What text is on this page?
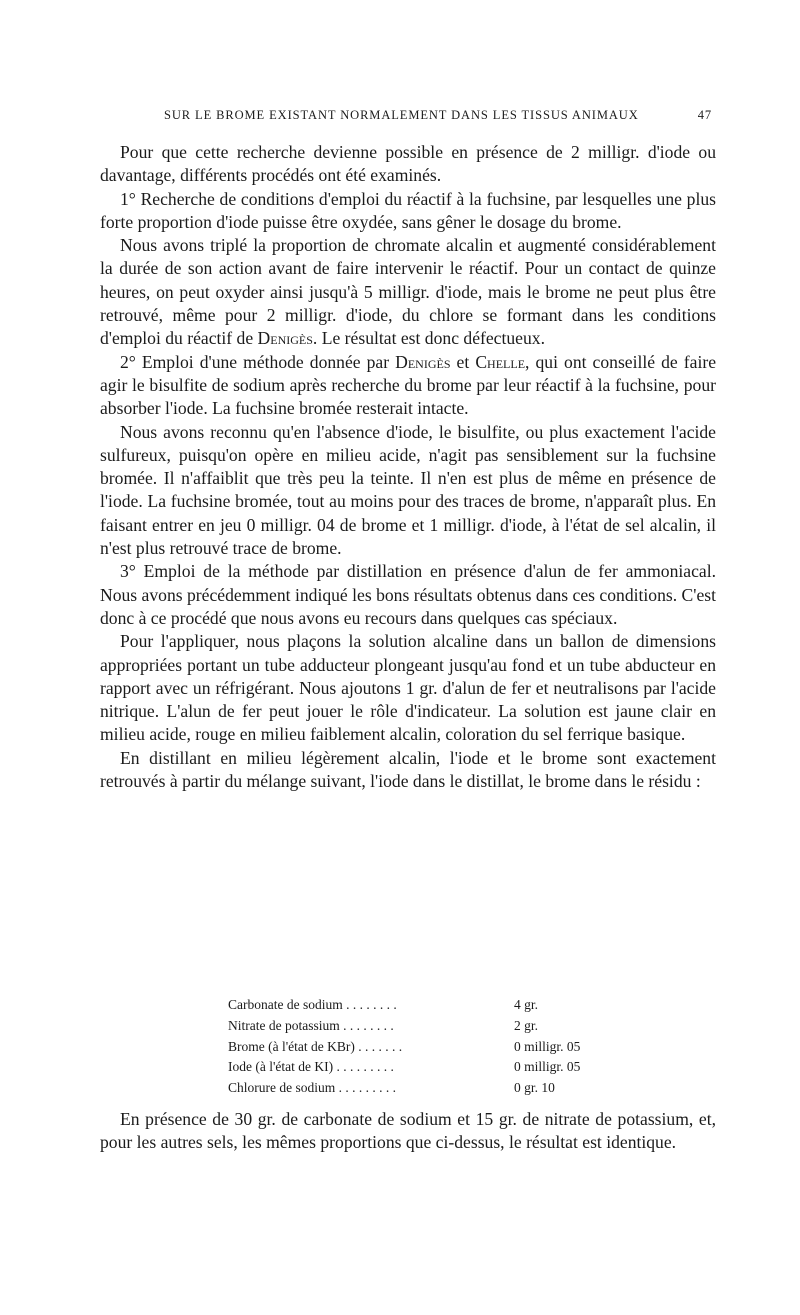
SUR LE BROME EXISTANT NORMALEMENT DANS LES TISSUS ANIMAUX	47

Pour que cette recherche devienne possible en présence de 2 milligr. d'iode ou davantage, différents procédés ont été examinés.

1° Recherche de conditions d'emploi du réactif à la fuchsine, par lesquelles une plus forte proportion d'iode puisse être oxydée, sans gêner le dosage du brome.

Nous avons triplé la proportion de chromate alcalin et augmenté considérablement la durée de son action avant de faire intervenir le réactif. Pour un contact de quinze heures, on peut oxyder ainsi jusqu'à 5 milligr. d'iode, mais le brome ne peut plus être retrouvé, même pour 2 milligr. d'iode, du chlore se formant dans les conditions d'emploi du réactif de Denigès. Le résultat est donc défectueux.

2° Emploi d'une méthode donnée par Denigès et Chelle, qui ont conseillé de faire agir le bisulfite de sodium après recherche du brome par leur réactif à la fuchsine, pour absorber l'iode. La fuchsine bromée resterait intacte.

Nous avons reconnu qu'en l'absence d'iode, le bisulfite, ou plus exactement l'acide sulfureux, puisqu'on opère en milieu acide, n'agit pas sensiblement sur la fuchsine bromée. Il n'affaiblit que très peu la teinte. Il n'en est plus de même en présence de l'iode. La fuchsine bromée, tout au moins pour des traces de brome, n'apparaît plus. En faisant entrer en jeu 0 milligr. 04 de brome et 1 milligr. d'iode, à l'état de sel alcalin, il n'est plus retrouvé trace de brome.

3° Emploi de la méthode par distillation en présence d'alun de fer ammoniacal. Nous avons précédemment indiqué les bons résultats obtenus dans ces conditions. C'est donc à ce procédé que nous avons eu recours dans quelques cas spéciaux.

Pour l'appliquer, nous plaçons la solution alcaline dans un ballon de dimensions appropriées portant un tube adducteur plongeant jusqu'au fond et un tube abducteur en rapport avec un réfrigérant. Nous ajoutons 1 gr. d'alun de fer et neutralisons par l'acide nitrique. L'alun de fer peut jouer le rôle d'indicateur. La solution est jaune clair en milieu acide, rouge en milieu faiblement alcalin, coloration du sel ferrique basique.

En distillant en milieu légèrement alcalin, l'iode et le brome sont exactement retrouvés à partir du mélange suivant, l'iode dans le distillat, le brome dans le résidu :

Carbonate de sodium . . . . . . . .	4 gr.
Nitrate de potassium . . . . . . . .	2 gr.
Brome (à l'état de KBr) . . . . . . .	0 milligr. 05
Iode (à l'état de KI) . . . . . . . . .	0 milligr. 05
Chlorure de sodium . . . . . . . . .	0 gr. 10

En présence de 30 gr. de carbonate de sodium et 15 gr. de nitrate de potassium, et, pour les autres sels, les mêmes proportions que ci-dessus, le résultat est identique.
